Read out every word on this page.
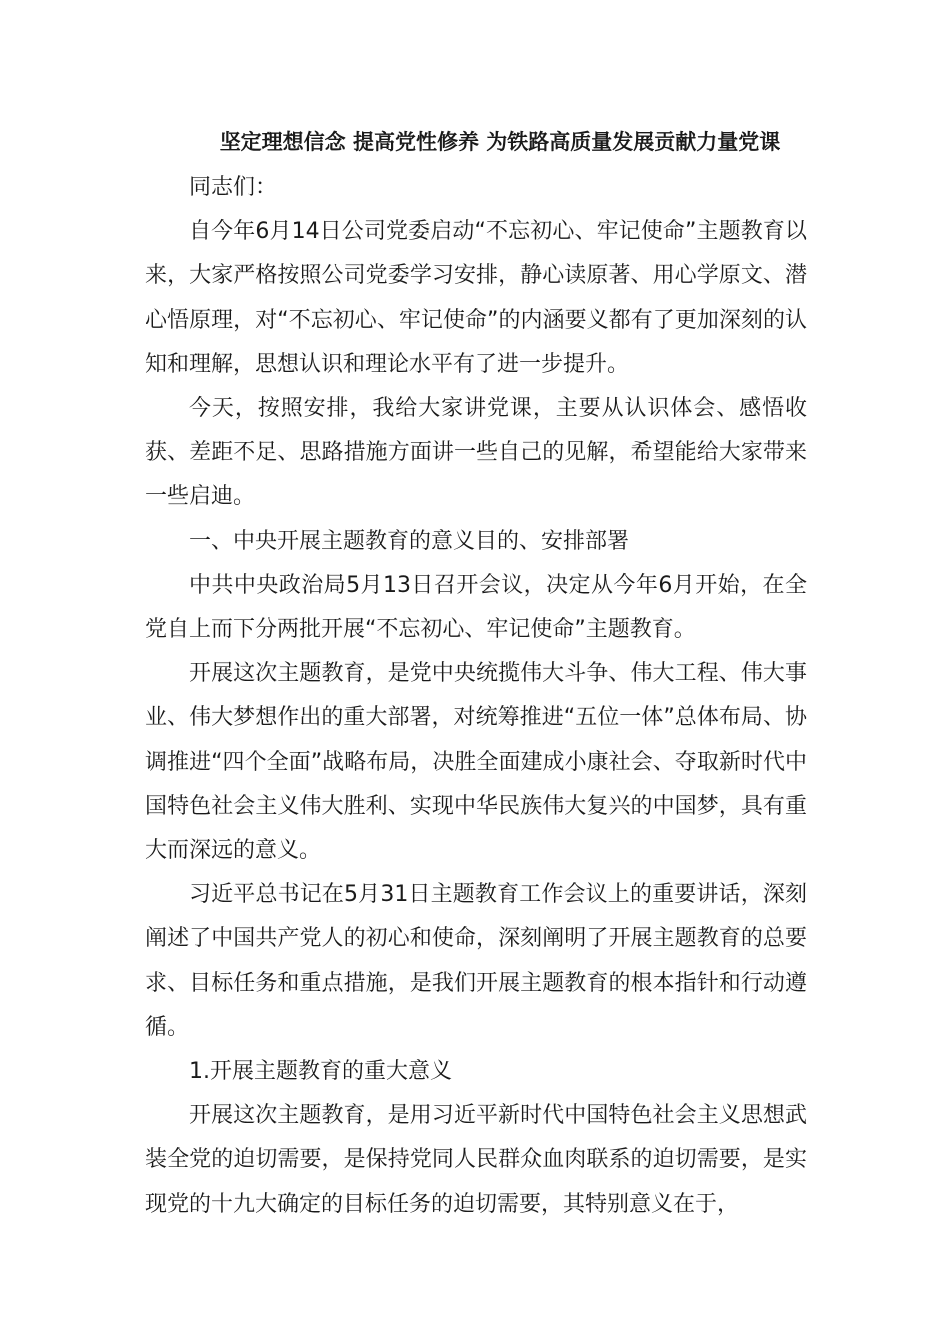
坚定理想信念 提高党性修养 为铁路高质量发展贡献力量党课

同志们：

自今年6月14日公司党委启动“不忘初心、牢记使命”主题教育以来，大家严格按照公司党委学习安排，静心读原著、用心学原文、潜心悟原理，对“不忘初心、牢记使命”的内涵要义都有了更加深刻的认知和理解，思想认识和理论水平有了进一步提升。

今天，按照安排，我给大家讲党课，主要从认识体会、感悟收获、差距不足、思路措施方面讲一些自己的见解，希望能给大家带来一些启迪。

一、中央开展主题教育的意义目的、安排部署

中共中央政治局5月13日召开会议，决定从今年6月开始，在全党自上而下分两批开展“不忘初心、牢记使命”主题教育。

开展这次主题教育，是党中央统揽伟大斗争、伟大工程、伟大事业、伟大梦想作出的重大部署，对统筹推进“五位一体”总体布局、协调推进“四个全面”战略布局，决胜全面建成小康社会、夺取新时代中国特色社会主义伟大胜利、实现中华民族伟大复兴的中国梦，具有重大而深远的意义。

习近平总书记在5月31日主题教育工作会议上的重要讲话，深刻阐述了中国共产党人的初心和使命，深刻阐明了开展主题教育的总要求、目标任务和重点措施，是我们开展主题教育的根本指针和行动遵循。

1.开展主题教育的重大意义

开展这次主题教育，是用习近平新时代中国特色社会主义思想武装全党的迫切需要，是保持党同人民群众血肉联系的迫切需要，是实现党的十九大确定的目标任务的迫切需要，其特别意义在于，
